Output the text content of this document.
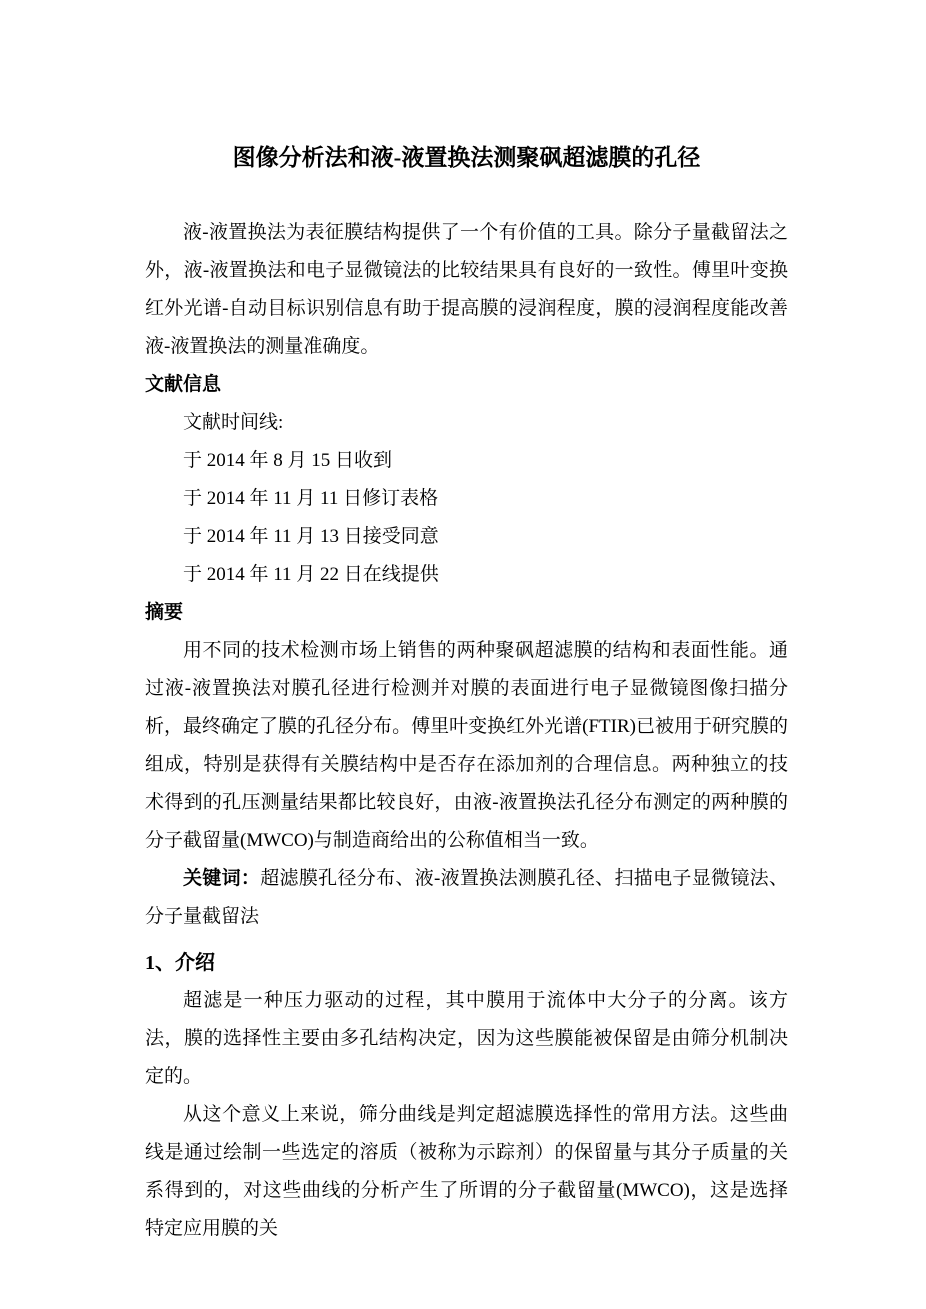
图像分析法和液-液置换法测聚砜超滤膜的孔径

液-液置换法为表征膜结构提供了一个有价值的工具。除分子量截留法之外，液-液置换法和电子显微镜法的比较结果具有良好的一致性。傅里叶变换红外光谱-自动目标识别信息有助于提高膜的浸润程度，膜的浸润程度能改善液-液置换法的测量准确度。

文献信息

文献时间线:

于 2014 年 8 月 15 日收到

于 2014 年 11 月 11 日修订表格

于 2014 年 11 月 13 日接受同意

于 2014 年 11 月 22 日在线提供

摘要

用不同的技术检测市场上销售的两种聚砜超滤膜的结构和表面性能。通过液-液置换法对膜孔径进行检测并对膜的表面进行电子显微镜图像扫描分析，最终确定了膜的孔径分布。傅里叶变换红外光谱(FTIR)已被用于研究膜的组成，特别是获得有关膜结构中是否存在添加剂的合理信息。两种独立的技术得到的孔压测量结果都比较良好，由液-液置换法孔径分布测定的两种膜的分子截留量(MWCO)与制造商给出的公称值相当一致。

关键词：超滤膜孔径分布、液-液置换法测膜孔径、扫描电子显微镜法、分子量截留法

1、介绍

超滤是一种压力驱动的过程，其中膜用于流体中大分子的分离。该方法，膜的选择性主要由多孔结构决定，因为这些膜能被保留是由筛分机制决定的。

从这个意义上来说，筛分曲线是判定超滤膜选择性的常用方法。这些曲线是通过绘制一些选定的溶质（被称为示踪剂）的保留量与其分子质量的关系得到的，对这些曲线的分析产生了所谓的分子截留量(MWCO)，这是选择特定应用膜的关
